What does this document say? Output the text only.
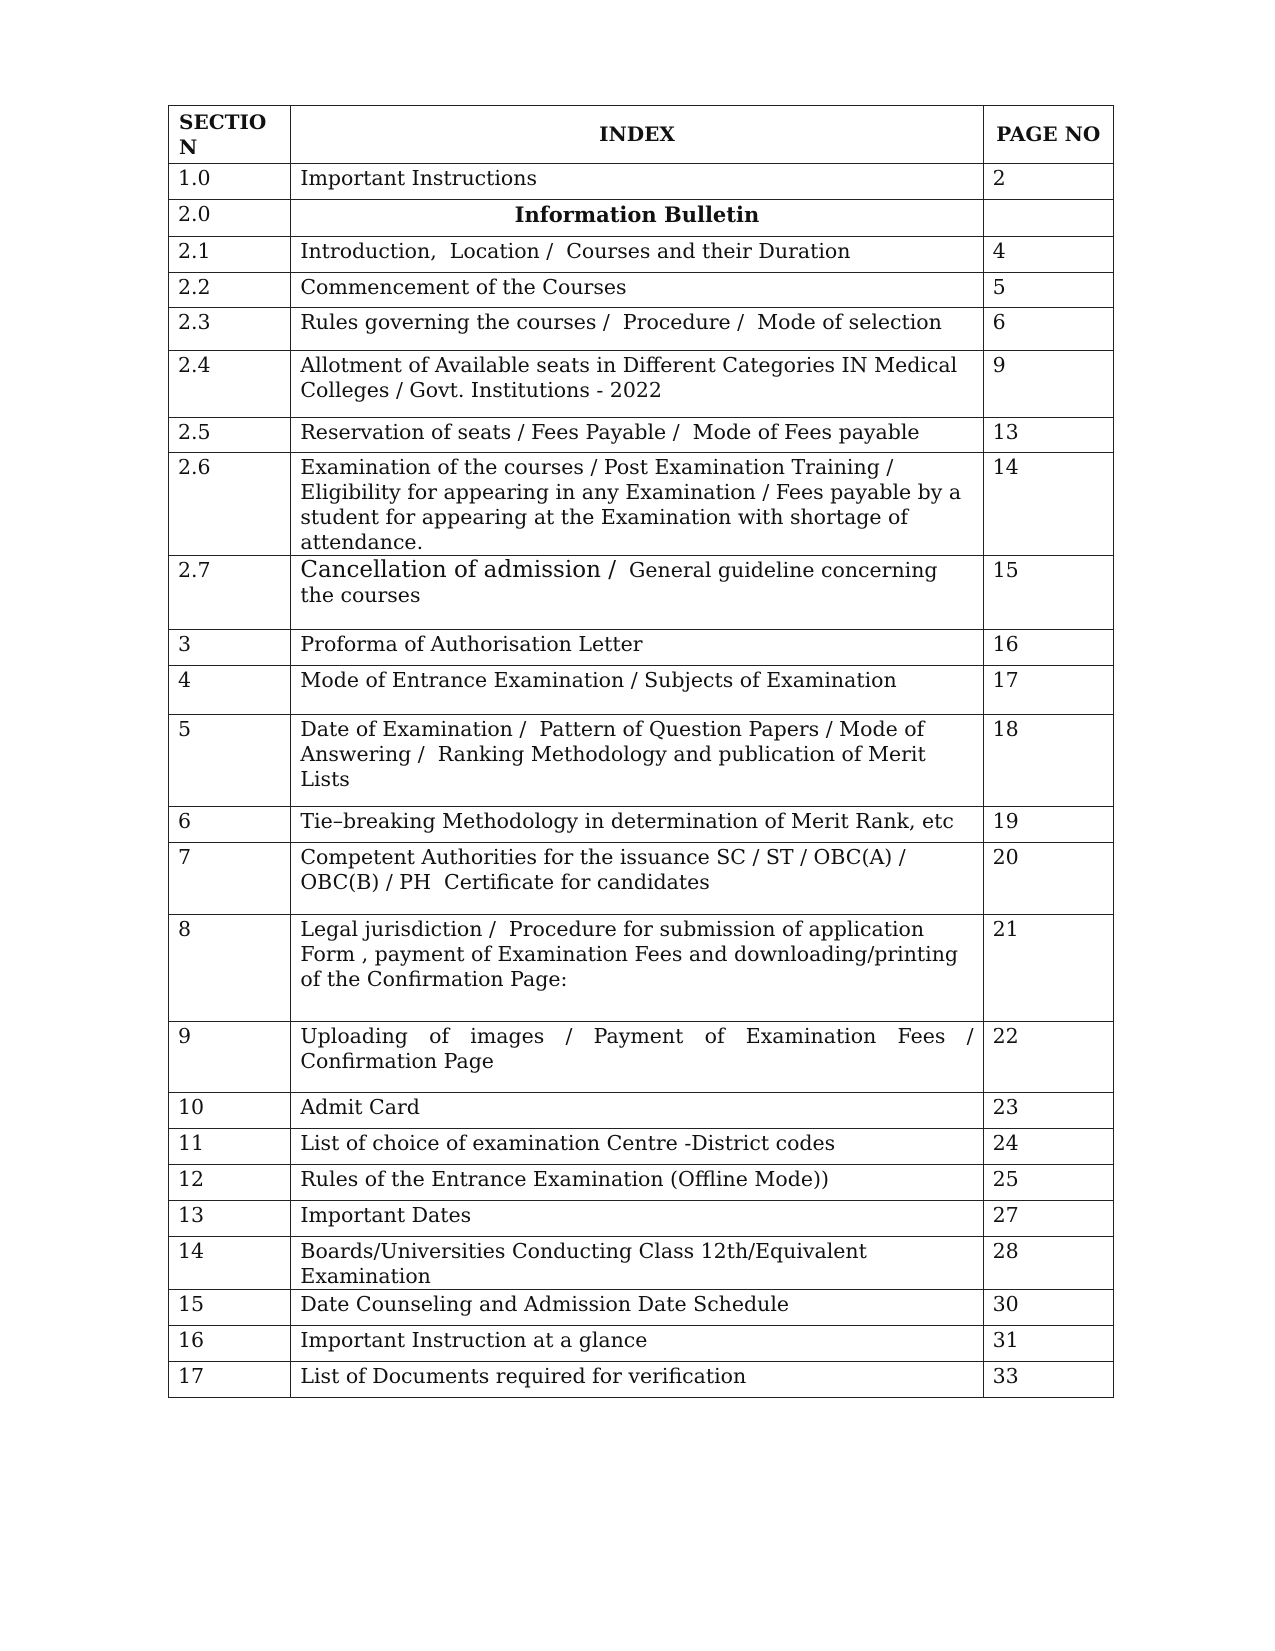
SECTION	INDEX	PAGE NO
1.0	Important Instructions	2
2.0	Information Bulletin	
2.1	Introduction,  Location /  Courses and their Duration	4
2.2	Commencement of the Courses	5
2.3	Rules governing the courses /  Procedure /  Mode of selection	6
2.4	Allotment of Available seats in Different Categories IN Medical Colleges / Govt. Institutions - 2022	9
2.5	Reservation of seats / Fees Payable /  Mode of Fees payable	13
2.6	Examination of the courses / Post Examination Training / Eligibility for appearing in any Examination / Fees payable by a student for appearing at the Examination with shortage of attendance.	14
2.7	Cancellation of admission /  General guideline concerning the courses	15
3	Proforma of Authorisation Letter	16
4	Mode of Entrance Examination / Subjects of Examination	17
5	Date of Examination /  Pattern of Question Papers / Mode of Answering /  Ranking Methodology and publication of Merit Lists	18
6	Tie–breaking Methodology in determination of Merit Rank, etc	19
7	Competent Authorities for the issuance SC / ST / OBC(A) / OBC(B) / PH  Certificate for candidates	20
8	Legal jurisdiction /  Procedure for submission of application Form , payment of Examination Fees and downloading/printing of the Confirmation Page:	21
9	Uploading of images / Payment of Examination Fees / Confirmation Page	22
10	Admit Card	23
11	List of choice of examination Centre -District codes	24
12	Rules of the Entrance Examination (Offline Mode))	25
13	Important Dates	27
14	Boards/Universities Conducting Class 12th/Equivalent Examination	28
15	Date Counseling and Admission Date Schedule	30
16	Important Instruction at a glance	31
17	List of Documents required for verification	33
